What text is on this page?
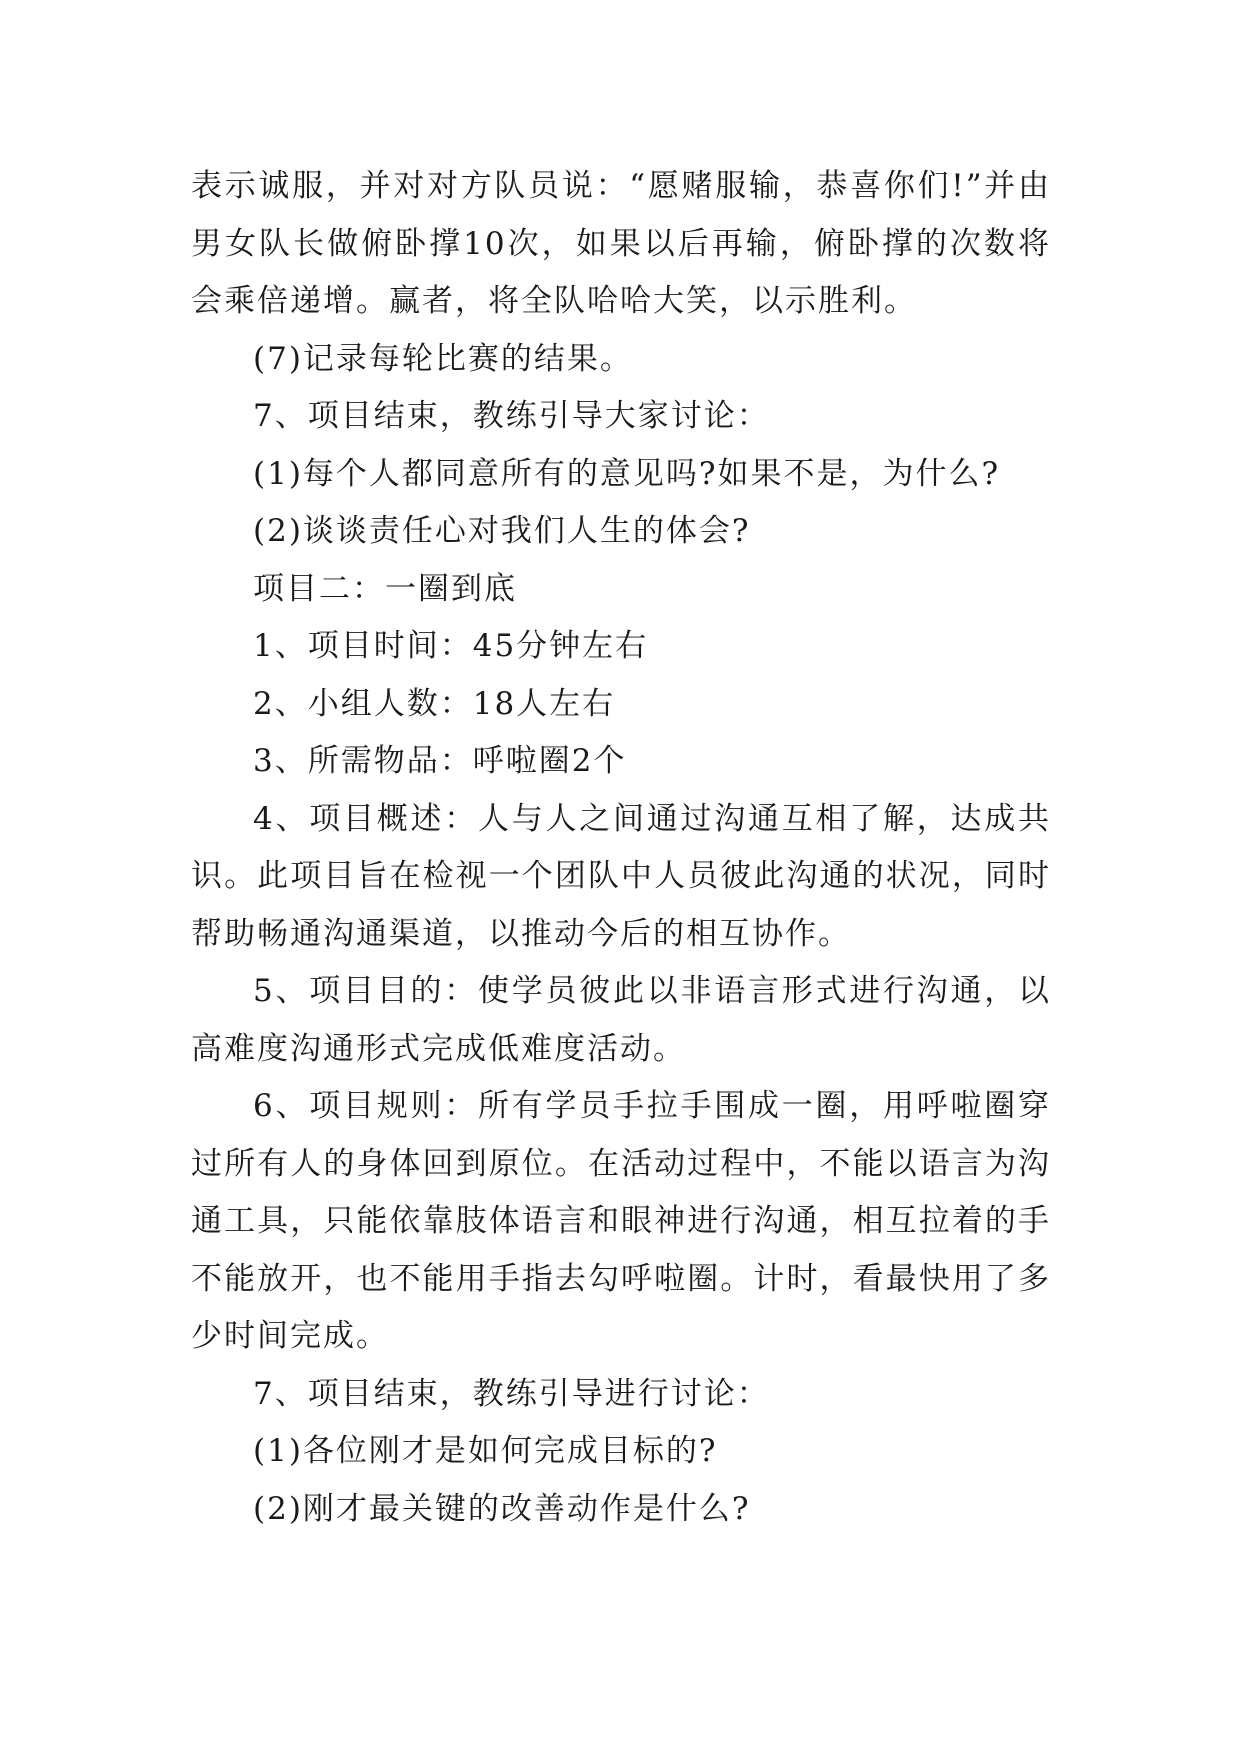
表示诚服，并对对方队员说：“愿赌服输，恭喜你们!”并由男女队长做俯卧撑10次，如果以后再输，俯卧撑的次数将会乘倍递增。赢者，将全队哈哈大笑，以示胜利。

(7)记录每轮比赛的结果。

7、项目结束，教练引导大家讨论：

(1)每个人都同意所有的意见吗?如果不是，为什么?

(2)谈谈责任心对我们人生的体会?

项目二：一圈到底

1、项目时间：45分钟左右

2、小组人数：18人左右

3、所需物品：呼啦圈2个

4、项目概述：人与人之间通过沟通互相了解，达成共识。此项目旨在检视一个团队中人员彼此沟通的状况，同时帮助畅通沟通渠道，以推动今后的相互协作。

5、项目目的：使学员彼此以非语言形式进行沟通，以高难度沟通形式完成低难度活动。

6、项目规则：所有学员手拉手围成一圈，用呼啦圈穿过所有人的身体回到原位。在活动过程中，不能以语言为沟通工具，只能依靠肢体语言和眼神进行沟通，相互拉着的手不能放开，也不能用手指去勾呼啦圈。计时，看最快用了多少时间完成。

7、项目结束，教练引导进行讨论：

(1)各位刚才是如何完成目标的?

(2)刚才最关键的改善动作是什么?
